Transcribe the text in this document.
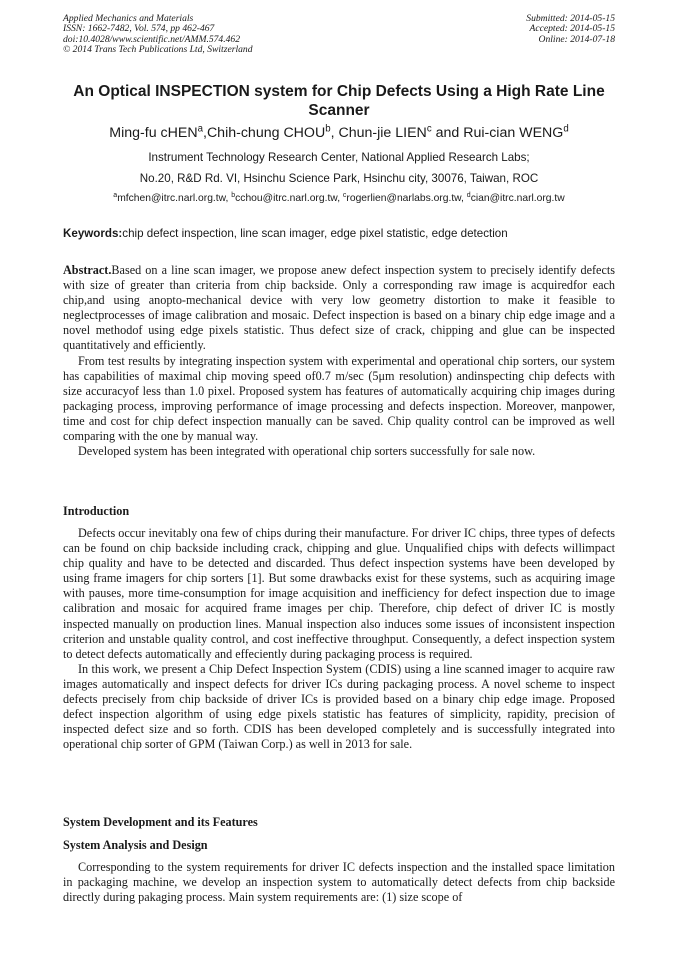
Applied Mechanics and Materials
ISSN: 1662-7482, Vol. 574, pp 462-467
doi:10.4028/www.scientific.net/AMM.574.462
© 2014 Trans Tech Publications Ltd, Switzerland
Submitted: 2014-05-15
Accepted: 2014-05-15
Online: 2014-07-18
An Optical INSPECTION system for Chip Defects Using a High Rate Line Scanner
Ming-fu cHEN$^a$,Chih-chung CHOU$^b$, Chun-jie LIEN$^c$ and Rui-cian WENG$^d$
Instrument Technology Research Center, National Applied Research Labs;
No.20, R&D Rd. VI, Hsinchu Science Park, Hsinchu city, 30076, Taiwan, ROC
$^a$mfchen@itrc.narl.org.tw, $^b$cchou@itrc.narl.org.tw, $^c$rogerlien@narlabs.org.tw, $^d$cian@itrc.narl.org.tw
Keywords:chip defect inspection, line scan imager, edge pixel statistic, edge detection

Abstract.Based on a line scan imager, we propose anew defect inspection system to precisely identify defects with size of greater than criteria from chip backside. Only a corresponding raw image is acquiredfor each chip,and using anopto-mechanical device with very low geometry distortion to make it feasible to neglectprocesses of image calibration and mosaic. Defect inspection is based on a binary chip edge image and a novel methodof using edge pixels statistic. Thus defect size of crack, chipping and glue can be inspected quantitatively and efficiently.

From test results by integrating inspection system with experimental and operational chip sorters, our system has capabilities of maximal chip moving speed of0.7 m/sec (5μm resolution) andinspecting chip defects with size accuracyof less than 1.0 pixel. Proposed system has features of automatically acquiring chip images during packaging process, improving performance of image processing and defects inspection. Moreover, manpower, time and cost for chip defect inspection manually can be saved. Chip quality control can be improved as well comparing with the one by manual way.

Developed system has been integrated with operational chip sorters successfully for sale now.

Introduction

Defects occur inevitably ona few of chips during their manufacture. For driver IC chips, three types of defects can be found on chip backside including crack, chipping and glue. Unqualified chips with defects willimpact chip quality and have to be detected and discarded. Thus defect inspection systems have been developed by using frame imagers for chip sorters [1]. But some drawbacks exist for these systems, such as acquiring image with pauses, more time-consumption for image acquisition and inefficiency for defect inspection due to image calibration and mosaic for acquired frame images per chip. Therefore, chip defect of driver IC is mostly inspected manually on production lines. Manual inspection also induces some issues of inconsistent inspection criterion and unstable quality control, and cost ineffective throughput. Consequently, a defect inspection system to detect defects automatically and effeciently during packaging process is required.

In this work, we present a Chip Defect Inspection System (CDIS) using a line scanned imager to acquire raw images automatically and inspect defects for driver ICs during packaging process. A novel scheme to inspect defects precisely from chip backside of driver ICs is provided based on a binary chip edge image. Proposed defect inspection algorithm of using edge pixels statistic has features of simplicity, rapidity, precision of inspected defect size and so forth. CDIS has been developed completely and is successfully integrated into operational chip sorter of GPM (Taiwan Corp.) as well in 2013 for sale.

System Development and its Features
System Analysis and Design

Corresponding to the system requirements for driver IC defects inspection and the installed space limitation in packaging machine, we develop an inspection system to automatically detect defects from chip backside directly during pakaging process. Main system requirements are: (1) size scope of
